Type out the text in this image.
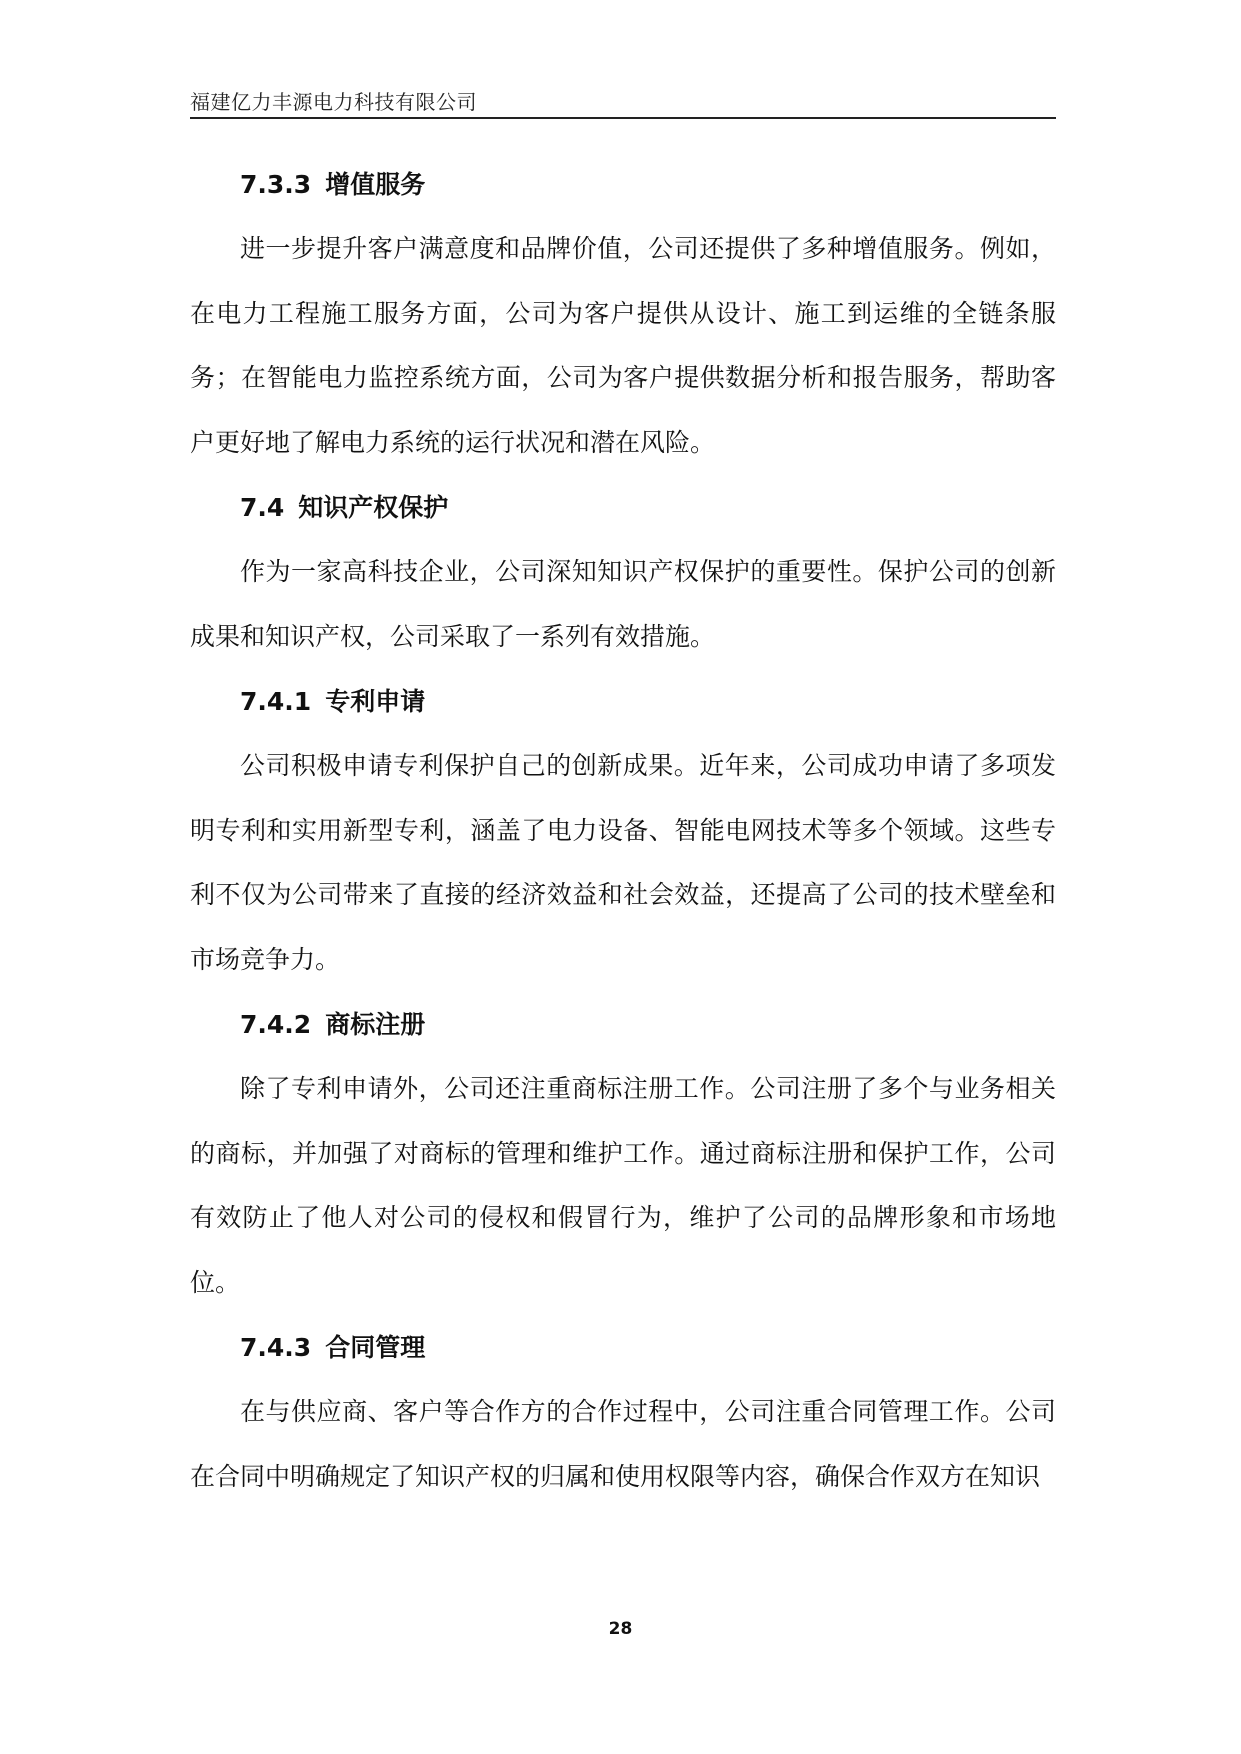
福建亿力丰源电力科技有限公司
7.3.3 增值服务

进一步提升客户满意度和品牌价值，公司还提供了多种增值服务。例如，在电力工程施工服务方面，公司为客户提供从设计、施工到运维的全链条服务；在智能电力监控系统方面，公司为客户提供数据分析和报告服务，帮助客户更好地了解电力系统的运行状况和潜在风险。

7.4 知识产权保护

作为一家高科技企业，公司深知知识产权保护的重要性。保护公司的创新成果和知识产权，公司采取了一系列有效措施。

7.4.1 专利申请

公司积极申请专利保护自己的创新成果。近年来，公司成功申请了多项发明专利和实用新型专利，涵盖了电力设备、智能电网技术等多个领域。这些专利不仅为公司带来了直接的经济效益和社会效益，还提高了公司的技术壁垒和市场竞争力。

7.4.2 商标注册

除了专利申请外，公司还注重商标注册工作。公司注册了多个与业务相关的商标，并加强了对商标的管理和维护工作。通过商标注册和保护工作，公司有效防止了他人对公司的侵权和假冒行为，维护了公司的品牌形象和市场地位。

7.4.3 合同管理

在与供应商、客户等合作方的合作过程中，公司注重合同管理工作。公司在合同中明确规定了知识产权的归属和使用权限等内容，确保合作双方在知识

28
